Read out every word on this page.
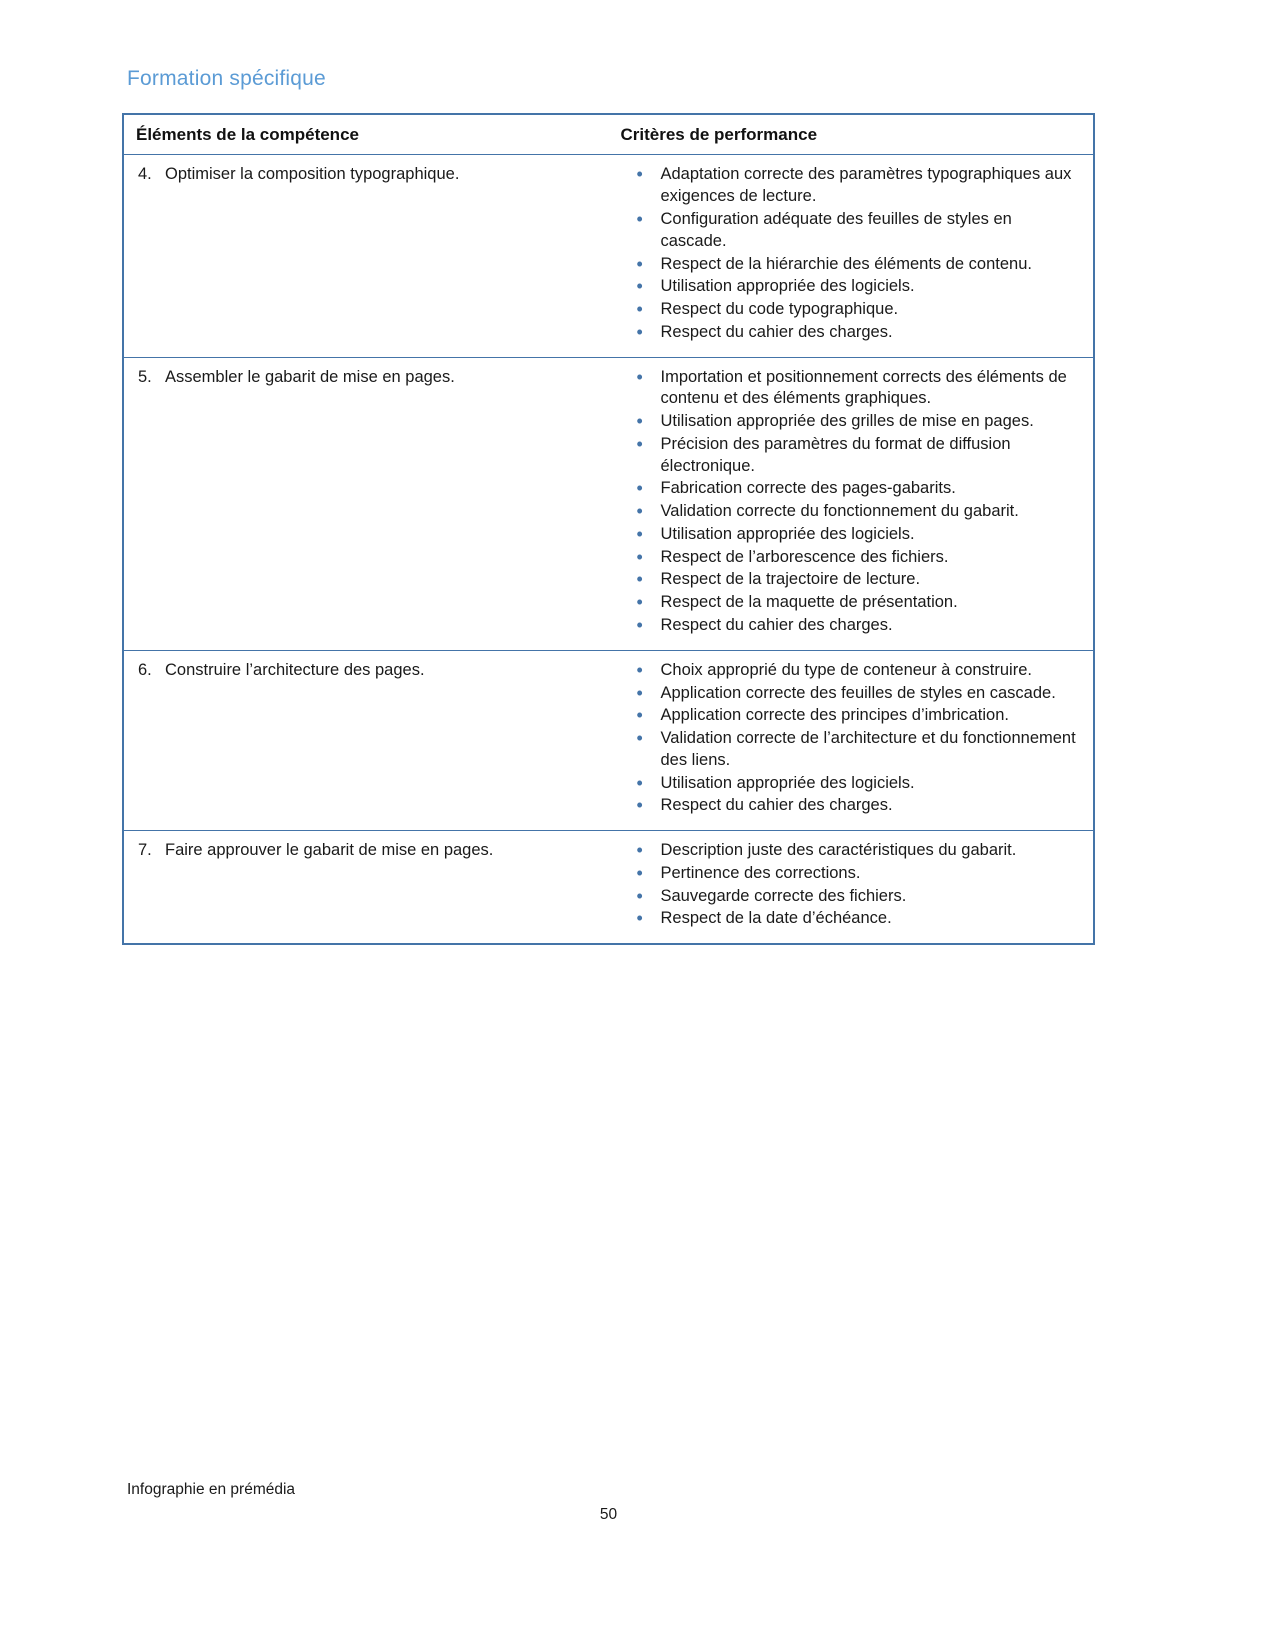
Formation spécifique
Éléments de la compétence	Critères de performance

4. Optimiser la composition typographique.

•Adaptation correcte des paramètres typographiques aux exigences de lecture.
• Configuration adéquate des feuilles de styles en cascade.
• Respect de la hiérarchie des éléments de contenu.
• Utilisation appropriée des logiciels.
• Respect du code typographique.
• Respect du cahier des charges.

5. Assembler le gabarit de mise en pages.

•Importation et positionnement corrects des éléments de contenu et des éléments graphiques.
• Utilisation appropriée des grilles de mise en pages.
• Précision des paramètres du format de diffusion électronique.
• Fabrication correcte des pages-gabarits.
• Validation correcte du fonctionnement du gabarit.
• Utilisation appropriée des logiciels.
• Respect de l’arborescence des fichiers.
• Respect de la trajectoire de lecture.
• Respect de la maquette de présentation.
• Respect du cahier des charges.

6. Construire l’architecture des pages.

•Choix approprié du type de conteneur à construire.
• Application correcte des feuilles de styles en cascade.
• Application correcte des principes d’imbrication.
• Validation correcte de l’architecture et du fonctionnement des liens.
• Utilisation appropriée des logiciels.
• Respect du cahier des charges.

7. Faire approuver le gabarit de mise en pages.

•Description juste des caractéristiques du gabarit.
• Pertinence des corrections.
• Sauvegarde correcte des fichiers.
• Respect de la date d’échéance.
Infographie en prémédia
50
